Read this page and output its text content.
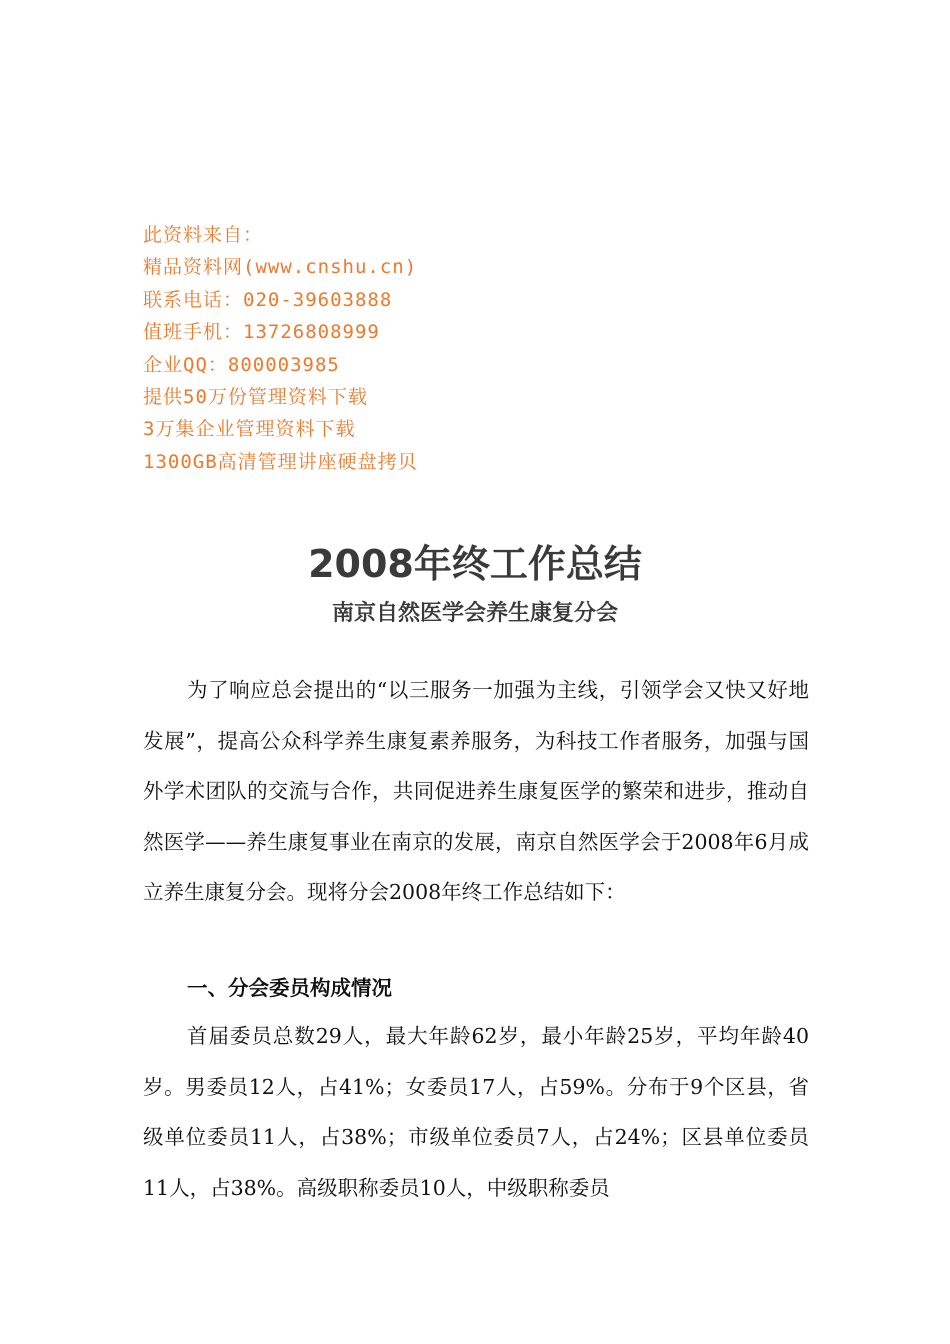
此资料来自：
精品资料网(www.cnshu.cn)
联系电话：020-39603888
值班手机：13726808999
企业QQ：800003985
提供50万份管理资料下载
3万集企业管理资料下载
1300GB高清管理讲座硬盘拷贝
2008年终工作总结
南京自然医学会养生康复分会
为了响应总会提出的“以三服务一加强为主线，引领学会又快又好地发展”，提高公众科学养生康复素养服务，为科技工作者服务，加强与国外学术团队的交流与合作，共同促进养生康复医学的繁荣和进步，推动自然医学——养生康复事业在南京的发展，南京自然医学会于2008年6月成立养生康复分会。现将分会2008年终工作总结如下：
一、分会委员构成情况
首届委员总数29人，最大年龄62岁，最小年龄25岁，平均年龄40岁。男委员12人，占41%；女委员17人，占59%。分布于9个区县，省级单位委员11人，占38%；市级单位委员7人，占24%；区县单位委员11人，占38%。高级职称委员10人，中级职称委员
